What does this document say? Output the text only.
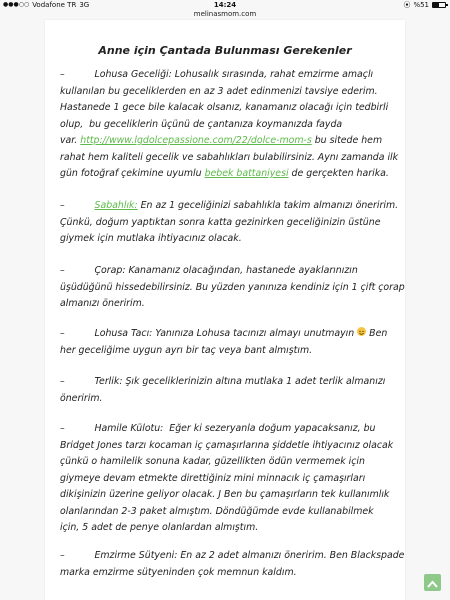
●●●○○ Vodafone TR 3G	14:24	⦿ %51
melinasmom.com
Anne için Çantada Bulunması Gerekenler
–          Lohusa Geceliği: Lohusalık sırasında, rahat emzirme amaçlı
kullanılan bu geceliklerden en az 3 adet edinmenizi tavsiye ederim.
Hastanede 1 gece bile kalacak olsanız, kanamanız olacağı için tedbirli
olup,  bu geceliklerin üçünü de çantanıza koymanızda fayda
var. http://www.lgdolcepassione.com/22/dolce-mom-s bu sitede hem
rahat hem kaliteli gecelik ve sabahlıkları bulabilirsiniz. Aynı zamanda ilk
gün fotoğraf çekimine uyumlu bebek battaniyesi de gerçekten harika.
–          Sabahlık: En az 1 geceliğinizi sabahlıkla takim almanızı öneririm.
Çünkü, doğum yaptıktan sonra katta gezinirken geceliğinizin üstüne
giymek için mutlaka ihtiyacınız olacak.
–          Çorap: Kanamanız olacağından, hastanede ayaklarınızın
üşüdüğünü hissedebilirsiniz. Bu yüzden yanınıza kendiniz için 1 çift çorap
almanızı öneririm.
–          Lohusa Tacı: Yanınıza Lohusa tacınızı almayı unutmayın  Ben
her geceliğime uygun ayrı bir taç veya bant almıştım.
–          Terlik: Şık geceliklerinizin altına mutlaka 1 adet terlik almanızı
öneririm.
–          Hamile Külotu:  Eğer ki sezeryanla doğum yapacaksanız, bu
Bridget Jones tarzı kocaman iç çamaşırlarına şiddetle ihtiyacınız olacak
çünkü o hamilelik sonuna kadar, güzellikten ödün vermemek için
giymeye devam etmekte direttiğiniz mini minnacık iç çamaşırları
dikişinizin üzerine geliyor olacak. J Ben bu çamaşırların tek kullanımlık
olanlarından 2-3 paket almıştım. Döndüğümde evde kullanabilmek
için, 5 adet de penye olanlardan almıştım.
–          Emzirme Sütyeni: En az 2 adet almanızı öneririm. Ben Blackspade
marka emzirme sütyeninden çok memnun kaldım.
